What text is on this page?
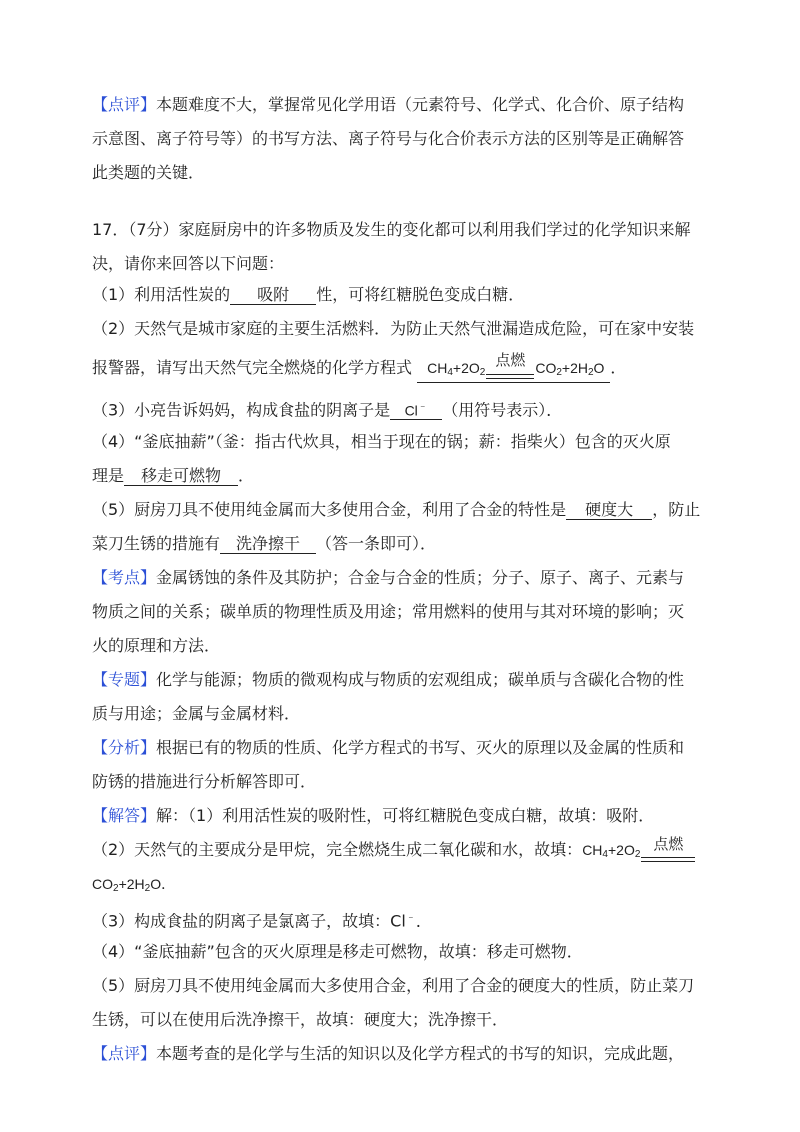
【点评】本题难度不大，掌握常见化学用语（元素符号、化学式、化合价、原子结构
示意图、离子符号等）的书写方法、离子符号与化合价表示方法的区别等是正确解答
此类题的关键．
17．（7分）家庭厨房中的许多物质及发生的变化都可以利用我们学过的化学知识来解
决，请你来回答以下问题：
（1）利用活性炭的 吸附 性，可将红糖脱色变成白糖．
（2）天然气是城市家庭的主要生活燃料．为防止天然气泄漏造成危险，可在家中安装
报警器，请写出天然气完全燃烧的化学方程式 $CH_4+2O_2$
点燃 $CO_2+2H_2O$ ．
（3）小亮告诉妈妈，构成食盐的阴离子是 Cl﹣ （用符号表示）．
（4）“釜底抽薪”（釜：指古代炊具，相当于现在的锅；薪：指柴火）包含的灭火原
理是 移走可燃物 ．
（5）厨房刀具不使用纯金属而大多使用合金，利用了合金的特性是 硬度大 ，防止
菜刀生锈的措施有 洗净擦干 （答一条即可）．
【考点】金属锈蚀的条件及其防护；合金与合金的性质；分子、原子、离子、元素与
物质之间的关系；碳单质的物理性质及用途；常用燃料的使用与其对环境的影响；灭
火的原理和方法．
【专题】化学与能源；物质的微观构成与物质的宏观组成；碳单质与含碳化合物的性
质与用途；金属与金属材料．
【分析】根据已有的物质的性质、化学方程式的书写、灭火的原理以及金属的性质和
防锈的措施进行分析解答即可．
【解答】解：（1）利用活性炭的吸附性，可将红糖脱色变成白糖，故填：吸附．
（2）天然气的主要成分是甲烷，完全燃烧生成二氧化碳和水，故填：$CH_4+2O_2$
点燃
$CO_2+2H_2O$．
（3）构成食盐的阴离子是氯离子，故填：Cl﹣．
（4）“釜底抽薪”包含的灭火原理是移走可燃物，故填：移走可燃物．
（5）厨房刀具不使用纯金属而大多使用合金，利用了合金的硬度大的性质，防止菜刀
生锈，可以在使用后洗净擦干，故填：硬度大；洗净擦干．
【点评】本题考查的是化学与生活的知识以及化学方程式的书写的知识，完成此题，
